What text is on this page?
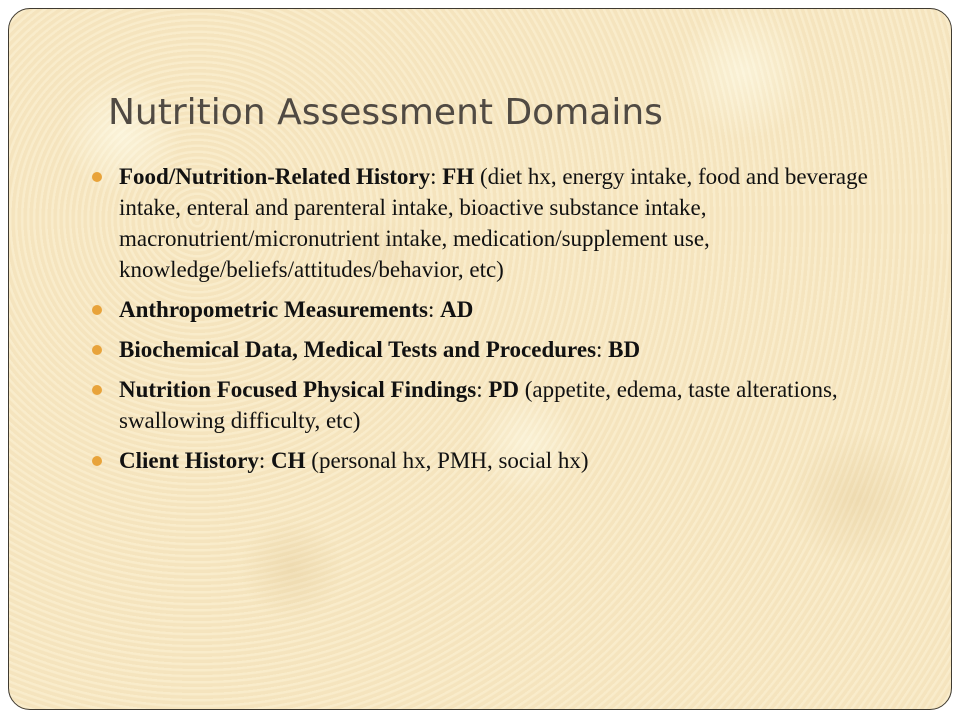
Nutrition Assessment Domains
Food/Nutrition-Related History: FH (diet hx, energy intake, food and beverage intake, enteral and parenteral intake, bioactive substance intake, macronutrient/micronutrient intake, medication/supplement use, knowledge/beliefs/attitudes/behavior, etc)
Anthropometric Measurements: AD
Biochemical Data, Medical Tests and Procedures: BD
Nutrition Focused Physical Findings: PD (appetite, edema, taste alterations, swallowing difficulty, etc)
Client History: CH (personal hx, PMH, social hx)
